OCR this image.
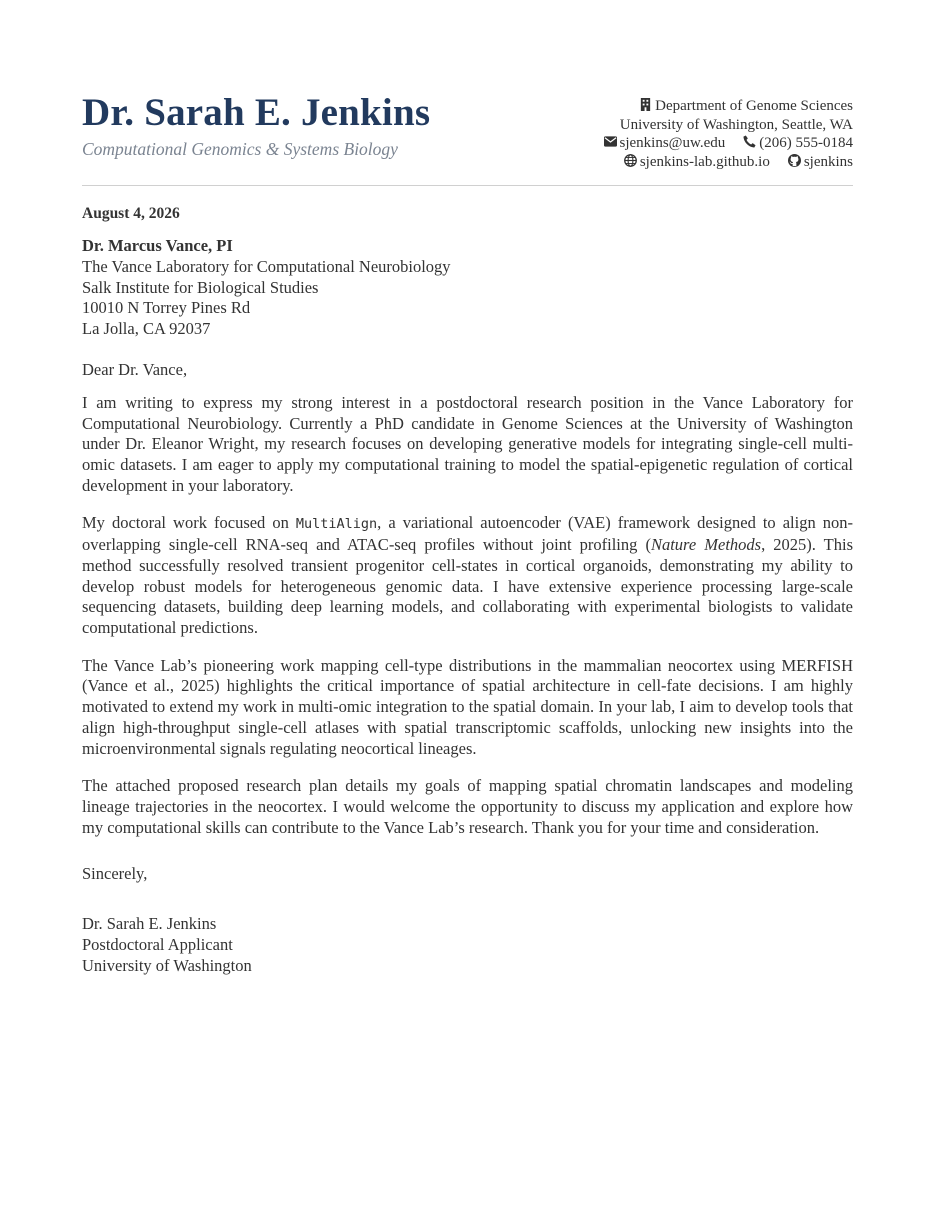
Dr. Sarah E. Jenkins
Computational Genomics & Systems Biology
Department of Genome Sciences
University of Washington, Seattle, WA
sjenkins@uw.edu (206) 555-0184
sjenkins-lab.github.io sjenkins
August 4, 2026
Dr. Marcus Vance, PI
The Vance Laboratory for Computational Neurobiology
Salk Institute for Biological Studies
10010 N Torrey Pines Rd
La Jolla, CA 92037
Dear Dr. Vance,

I am writing to express my strong interest in a postdoctoral research position in the Vance Laboratory for Computational Neurobiology. Currently a PhD candidate in Genome Sciences at the University of Washington under Dr. Eleanor Wright, my research focuses on developing generative models for integrating single-cell multi-omic datasets. I am eager to apply my computational training to model the spatial-epigenetic regulation of cortical development in your laboratory.

My doctoral work focused on MultiAlign, a variational autoencoder (VAE) framework designed to align non-overlapping single-cell RNA-seq and ATAC-seq profiles without joint profiling (Nature Methods, 2025). This method successfully resolved transient progenitor cell-states in cortical organoids, demonstrating my ability to develop robust models for heterogeneous genomic data. I have extensive experience processing large-scale sequencing datasets, building deep learning models, and collaborating with experimental biologists to validate computational predictions.

The Vance Lab’s pioneering work mapping cell-type distributions in the mammalian neocortex using MERFISH (Vance et al., 2025) highlights the critical importance of spatial architecture in cell-fate decisions. I am highly motivated to extend my work in multi-omic integration to the spatial domain. In your lab, I aim to develop tools that align high-throughput single-cell atlases with spatial transcriptomic scaffolds, unlocking new insights into the microenvironmental signals regulating neocortical lineages.

The attached proposed research plan details my goals of mapping spatial chromatin landscapes and modeling lineage trajectories in the neocortex. I would welcome the opportunity to discuss my application and explore how my computational skills can contribute to the Vance Lab’s research. Thank you for your time and consideration.

Sincerely,
Dr. Sarah E. Jenkins
Postdoctoral Applicant
University of Washington
